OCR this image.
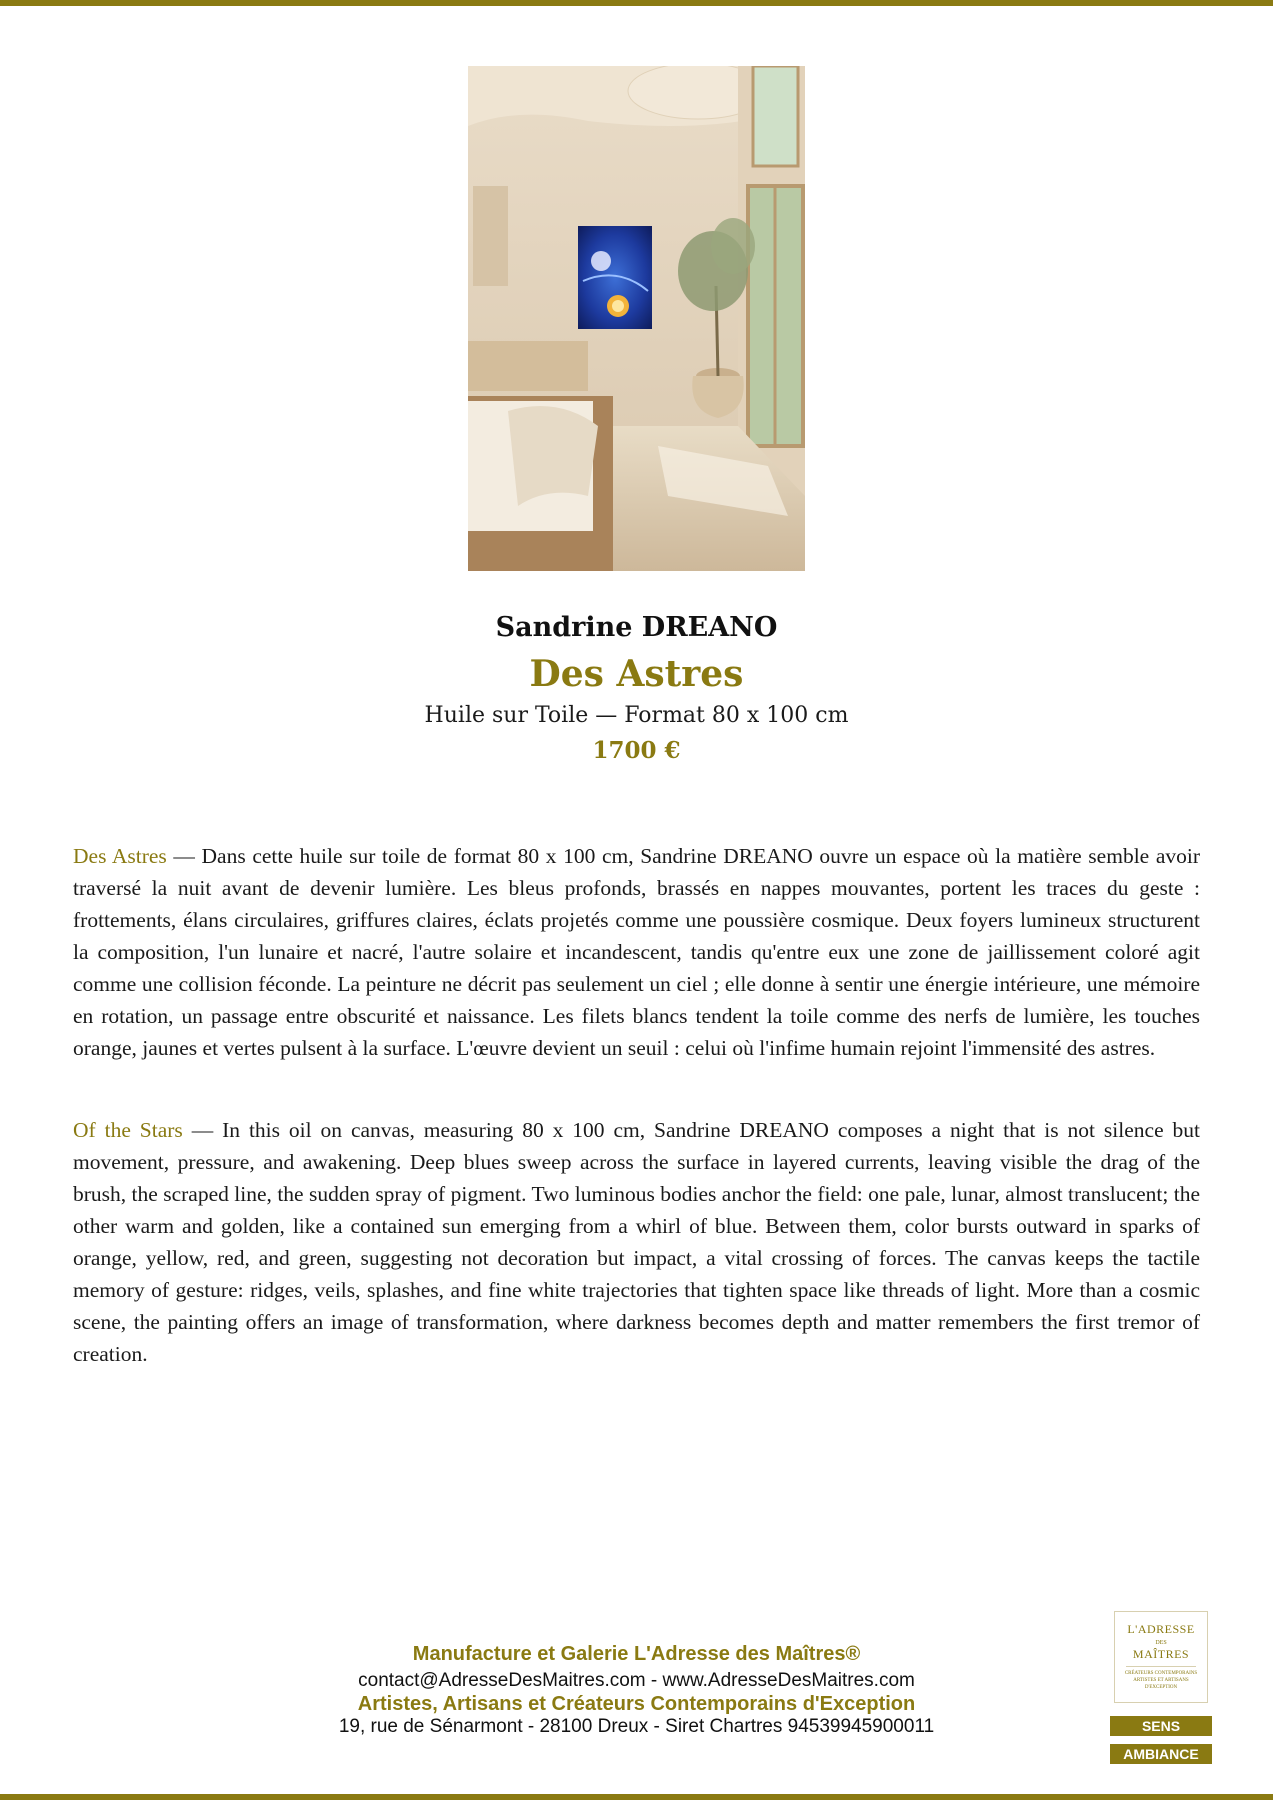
Sandrine DREANO
Des Astres
Huile sur Toile — Format 80 x 100 cm
1700 €

Des Astres — Dans cette huile sur toile de format 80 x 100 cm, Sandrine DREANO ouvre un espace où la matière semble avoir traversé la nuit avant de devenir lumière. Les bleus profonds, brassés en nappes mouvantes, portent les traces du geste : frottements, élans circulaires, griffures claires, éclats projetés comme une poussière cosmique. Deux foyers lumineux structurent la composition, l'un lunaire et nacré, l'autre solaire et incandescent, tandis qu'entre eux une zone de jaillissement coloré agit comme une collision féconde. La peinture ne décrit pas seulement un ciel ; elle donne à sentir une énergie intérieure, une mémoire en rotation, un passage entre obscurité et naissance. Les filets blancs tendent la toile comme des nerfs de lumière, les touches orange, jaunes et vertes pulsent à la surface. L'œuvre devient un seuil : celui où l'infime humain rejoint l'immensité des astres.

Of the Stars — In this oil on canvas, measuring 80 x 100 cm, Sandrine DREANO composes a night that is not silence but movement, pressure, and awakening. Deep blues sweep across the surface in layered currents, leaving visible the drag of the brush, the scraped line, the sudden spray of pigment. Two luminous bodies anchor the field: one pale, lunar, almost translucent; the other warm and golden, like a contained sun emerging from a whirl of blue. Between them, color bursts outward in sparks of orange, yellow, red, and green, suggesting not decoration but impact, a vital crossing of forces. The canvas keeps the tactile memory of gesture: ridges, veils, splashes, and fine white trajectories that tighten space like threads of light. More than a cosmic scene, the painting offers an image of transformation, where darkness becomes depth and matter remembers the first tremor of creation.

Manufacture et Galerie L'Adresse des Maîtres®
contact@AdresseDesMaitres.com - www.AdresseDesMaitres.com
Artistes, Artisans et Créateurs Contemporains d'Exception
19, rue de Sénarmont - 28100 Dreux - Siret Chartres 94539945900011
L'ADRESSE
DES
MAÎTRES
CRÉATEURS CONTEMPORAINS ARTISTES ET ARTISANS D'EXCEPTION
SENS
AMBIANCE
